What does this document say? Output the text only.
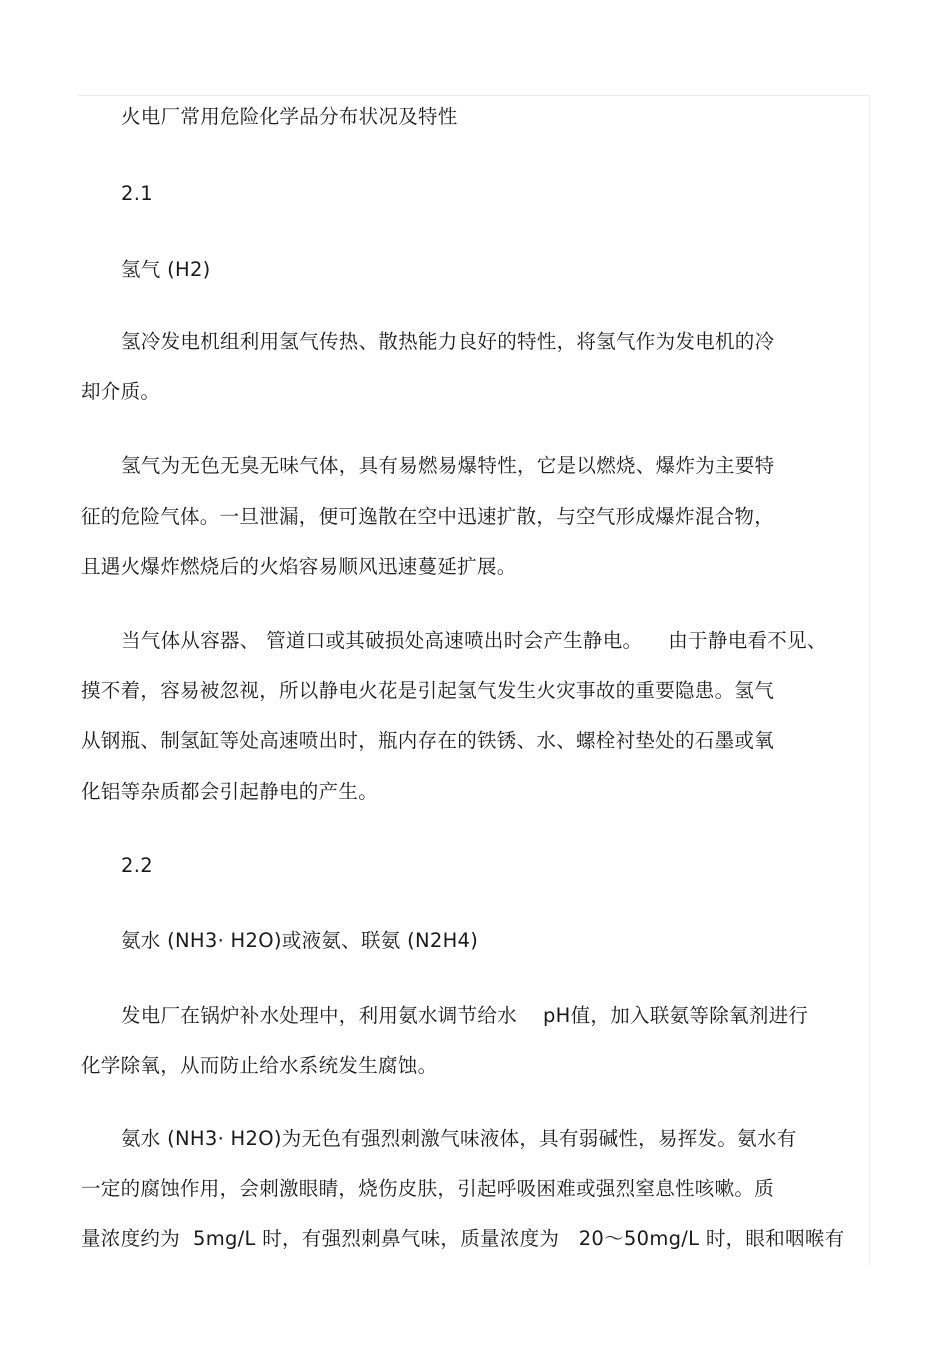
火电厂常用危险化学品分布状况及特性
2.1
氢气 (H2)
氢冷发电机组利用氢气传热、散热能力良好的特性，将氢气作为发电机的冷
却介质。
氢气为无色无臭无味气体，具有易燃易爆特性，它是以燃烧、爆炸为主要特
征的危险气体。一旦泄漏，便可逸散在空中迅速扩散，与空气形成爆炸混合物，
且遇火爆炸燃烧后的火焰容易顺风迅速蔓延扩展。
当气体从容器、 管道口或其破损处高速喷出时会产生静电。    由于静电看不见、
摸不着，容易被忽视，所以静电火花是引起氢气发生火灾事故的重要隐患。氢气
从钢瓶、制氢缸等处高速喷出时，瓶内存在的铁锈、水、螺栓衬垫处的石墨或氧
化铝等杂质都会引起静电的产生。
2.2
氨水 (NH3· H2O)或液氨、联氨 (N2H4)
发电厂在锅炉补水处理中，利用氨水调节给水    pH值，加入联氨等除氧剂进行
化学除氧，从而防止给水系统发生腐蚀。
氨水 (NH3· H2O)为无色有强烈刺激气味液体，具有弱碱性，易挥发。氨水有
一定的腐蚀作用，会刺激眼睛，烧伤皮肤，引起呼吸困难或强烈窒息性咳嗽。质
量浓度约为  5mg/L 时，有强烈刺鼻气味，质量浓度为   20～50mg/L 时，眼和咽喉有
